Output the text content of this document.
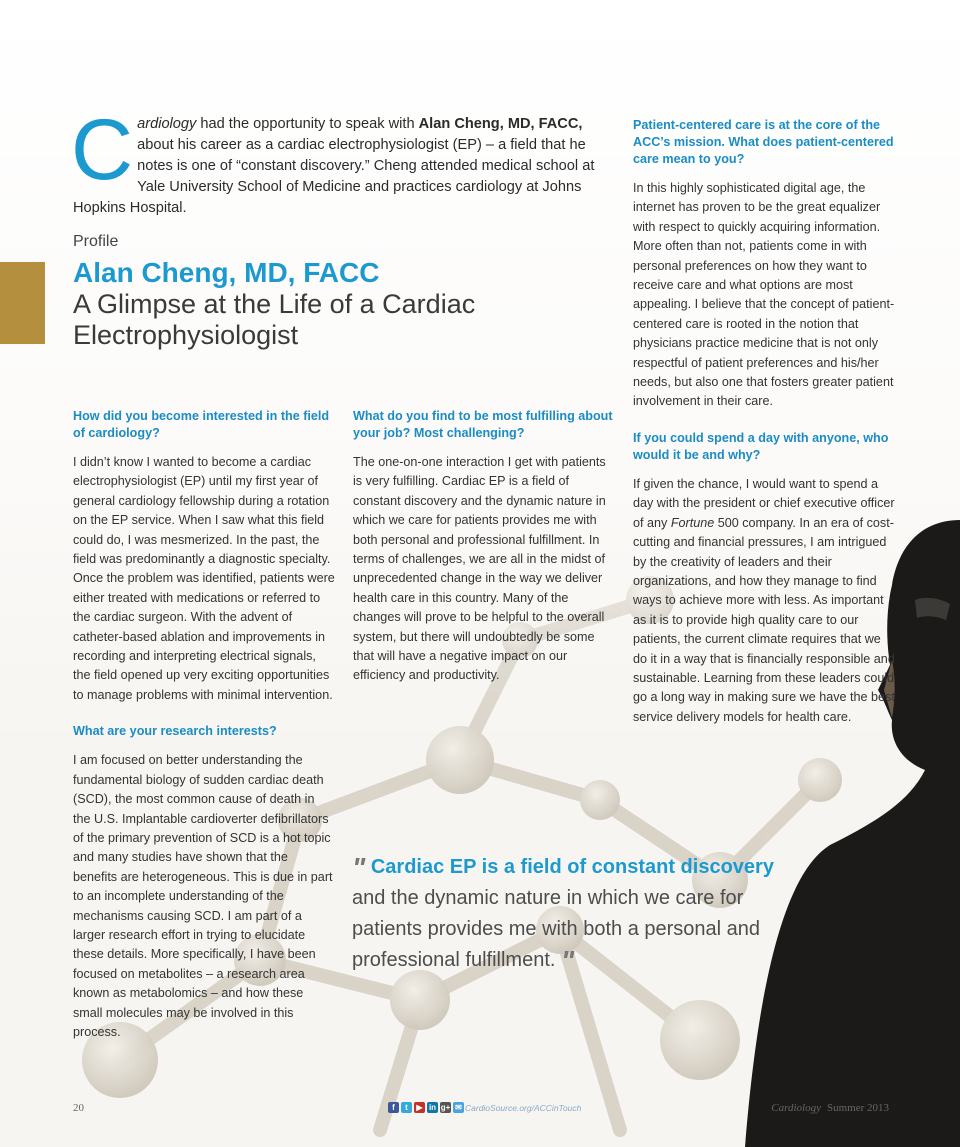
Cardiology had the opportunity to speak with Alan Cheng, MD, FACC, about his career as a cardiac electrophysiologist (EP) – a field that he notes is one of “constant discovery.” Cheng attended medical school at Yale University School of Medicine and practices cardiology at Johns Hopkins Hospital.
Profile
Alan Cheng, MD, FACC
A Glimpse at the Life of a Cardiac Electrophysiologist
How did you become interested in the field of cardiology?
I didn’t know I wanted to become a cardiac electrophysiologist (EP) until my first year of general cardiology fellowship during a rotation on the EP service. When I saw what this field could do, I was mesmerized. In the past, the field was predominantly a diagnostic specialty. Once the problem was identified, patients were either treated with medications or referred to the cardiac surgeon. With the advent of catheter-based ablation and improvements in recording and interpreting electrical signals, the field opened up very exciting opportunities to manage problems with minimal intervention.
What are your research interests?
I am focused on better understanding the fundamental biology of sudden cardiac death (SCD), the most common cause of death in the U.S. Implantable cardioverter defibrillators of the primary prevention of SCD is a hot topic and many studies have shown that the benefits are heterogeneous. This is due in part to an incomplete understanding of the mechanisms causing SCD. I am part of a larger research effort in trying to elucidate these details. More specifically, I have been focused on metabolites – a research area known as metabolomics – and how these small molecules may be involved in this process.
What do you find to be most fulfilling about your job? Most challenging?
The one-on-one interaction I get with patients is very fulfilling. Cardiac EP is a field of constant discovery and the dynamic nature in which we care for patients provides me with both personal and professional fulfillment. In terms of challenges, we are all in the midst of unprecedented change in the way we deliver health care in this country. Many of the changes will prove to be helpful to the overall system, but there will undoubtedly be some that will have a negative impact on our efficiency and productivity.
Patient-centered care is at the core of the ACC’s mission. What does patient-centered care mean to you?
In this highly sophisticated digital age, the internet has proven to be the great equalizer with respect to quickly acquiring information. More often than not, patients come in with personal preferences on how they want to receive care and what options are most appealing. I believe that the concept of patient-centered care is rooted in the notion that physicians practice medicine that is not only respectful of patient preferences and his/her needs, but also one that fosters greater patient involvement in their care.
If you could spend a day with anyone, who would it be and why?
If given the chance, I would want to spend a day with the president or chief executive officer of any Fortune 500 company. In an era of cost-cutting and financial pressures, I am intrigued by the creativity of leaders and their organizations, and how they manage to find ways to achieve more with less. As important as it is to provide high quality care to our patients, the current climate requires that we do it in a way that is financially responsible and sustainable. Learning from these leaders could go a long way in making sure we have the best service delivery models for health care.
" Cardiac EP is a field of constant discovery and the dynamic nature in which we care for patients provides me with both a personal and professional fulfillment. "
20	f	t	▶ in g+ ✉ CardioSource.org/ACCinTouch	Cardiology Summer 2013
